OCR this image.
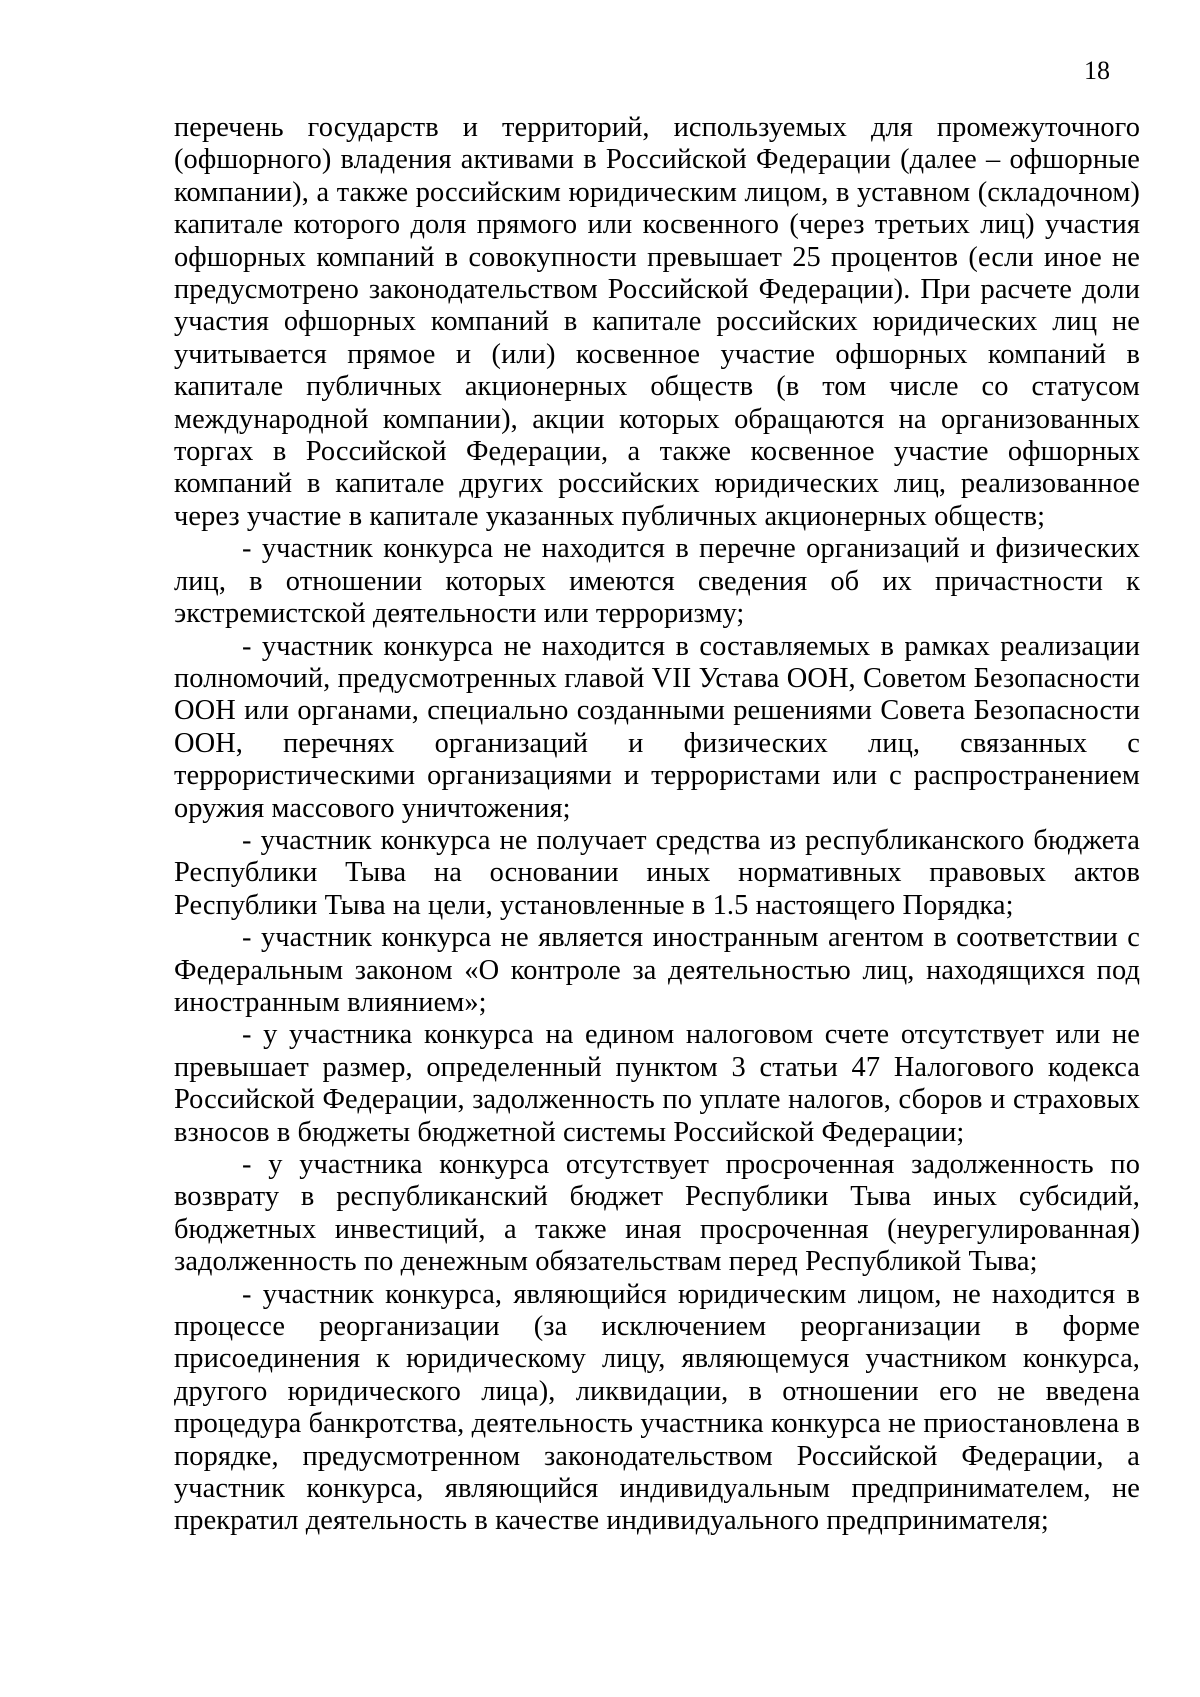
18

перечень государств и территорий, используемых для промежуточного (офшорного) владения активами в Российской Федерации (далее – офшорные компании), а также российским юридическим лицом, в уставном (складочном) капитале которого доля прямого или косвенного (через третьих лиц) участия офшорных компаний в совокупности превышает 25 процентов (если иное не предусмотрено законодательством Российской Федерации). При расчете доли участия офшорных компаний в капитале российских юридических лиц не учитывается прямое и (или) косвенное участие офшорных компаний в капитале публичных акционерных обществ (в том числе со статусом международной компании), акции которых обращаются на организованных торгах в Российской Федерации, а также косвенное участие офшорных компаний в капитале других российских юридических лиц, реализованное через участие в капитале указанных публичных акционерных обществ;

- участник конкурса не находится в перечне организаций и физических лиц, в отношении которых имеются сведения об их причастности к экстремистской деятельности или терроризму;

- участник конкурса не находится в составляемых в рамках реализации полномочий, предусмотренных главой VII Устава ООН, Советом Безопасности ООН или органами, специально созданными решениями Совета Безопасности ООН, перечнях организаций и физических лиц, связанных с террористическими организациями и террористами или с распространением оружия массового уничтожения;

- участник конкурса не получает средства из республиканского бюджета Республики Тыва на основании иных нормативных правовых актов Республики Тыва на цели, установленные в 1.5 настоящего Порядка;

- участник конкурса не является иностранным агентом в соответствии с Федеральным законом «О контроле за деятельностью лиц, находящихся под иностранным влиянием»;

- у участника конкурса на едином налоговом счете отсутствует или не превышает размер, определенный пунктом 3 статьи 47 Налогового кодекса Российской Федерации, задолженность по уплате налогов, сборов и страховых взносов в бюджеты бюджетной системы Российской Федерации;

- у участника конкурса отсутствует просроченная задолженность по возврату в республиканский бюджет Республики Тыва иных субсидий, бюджетных инвестиций, а также иная просроченная (неурегулированная) задолженность по денежным обязательствам перед Республикой Тыва;

- участник конкурса, являющийся юридическим лицом, не находится в процессе реорганизации (за исключением реорганизации в форме присоединения к юридическому лицу, являющемуся участником конкурса, другого юридического лица), ликвидации, в отношении его не введена процедура банкротства, деятельность участника конкурса не приостановлена в порядке, предусмотренном законодательством Российской Федерации, а участник конкурса, являющийся индивидуальным предпринимателем, не прекратил деятельность в качестве индивидуального предпринимателя;
